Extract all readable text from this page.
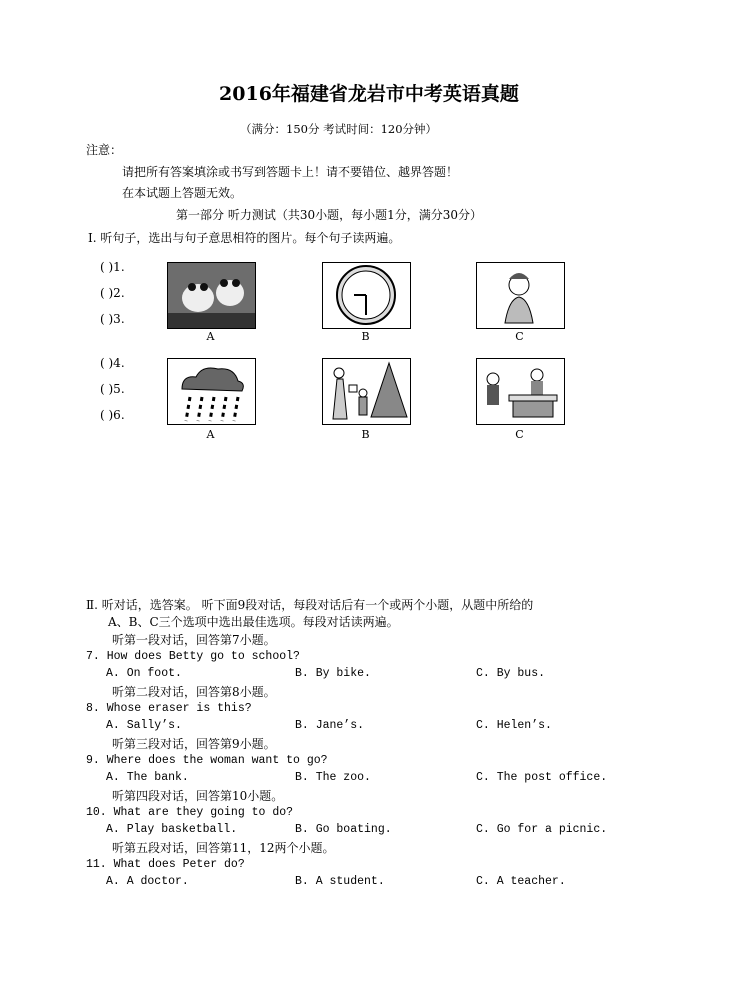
2016年福建省龙岩市中考英语真题
（满分：150分 考试时间：120分钟）
注意：
请把所有答案填涂或书写到答题卡上！请不要错位、越界答题！
在本试题上答题无效。
第一部分 听力测试（共30小题，每小题1分，满分30分）
Ⅰ. 听句子，选出与句子意思相符的图片。每个句子读两遍。
( )1.
( )2.
( )3.
( )4.
( )5.
( )6.
A	B	C
A	B	C
Ⅱ. 听对话，选答案。 听下面9段对话，每段对话后有一个或两个小题，从题中所给的
A、B、C三个选项中选出最佳选项。每段对话读两遍。
听第一段对话，回答第7小题。
7. How does Betty go to school?
A. On foot.	B. By bike.	C. By bus.
听第二段对话，回答第8小题。
8. Whose eraser is this?
A. Sally’s.	B. Jane’s.	C. Helen’s.
听第三段对话，回答第9小题。
9. Where does the woman want to go?
A. The bank.	B. The zoo.	C. The post office.
听第四段对话，回答第10小题。
10. What are they going to do?
A. Play basketball.	B. Go boating.	C. Go for a picnic.
听第五段对话，回答第11，12两个小题。
11. What does Peter do?
A. A doctor.	B. A student.	C. A teacher.
